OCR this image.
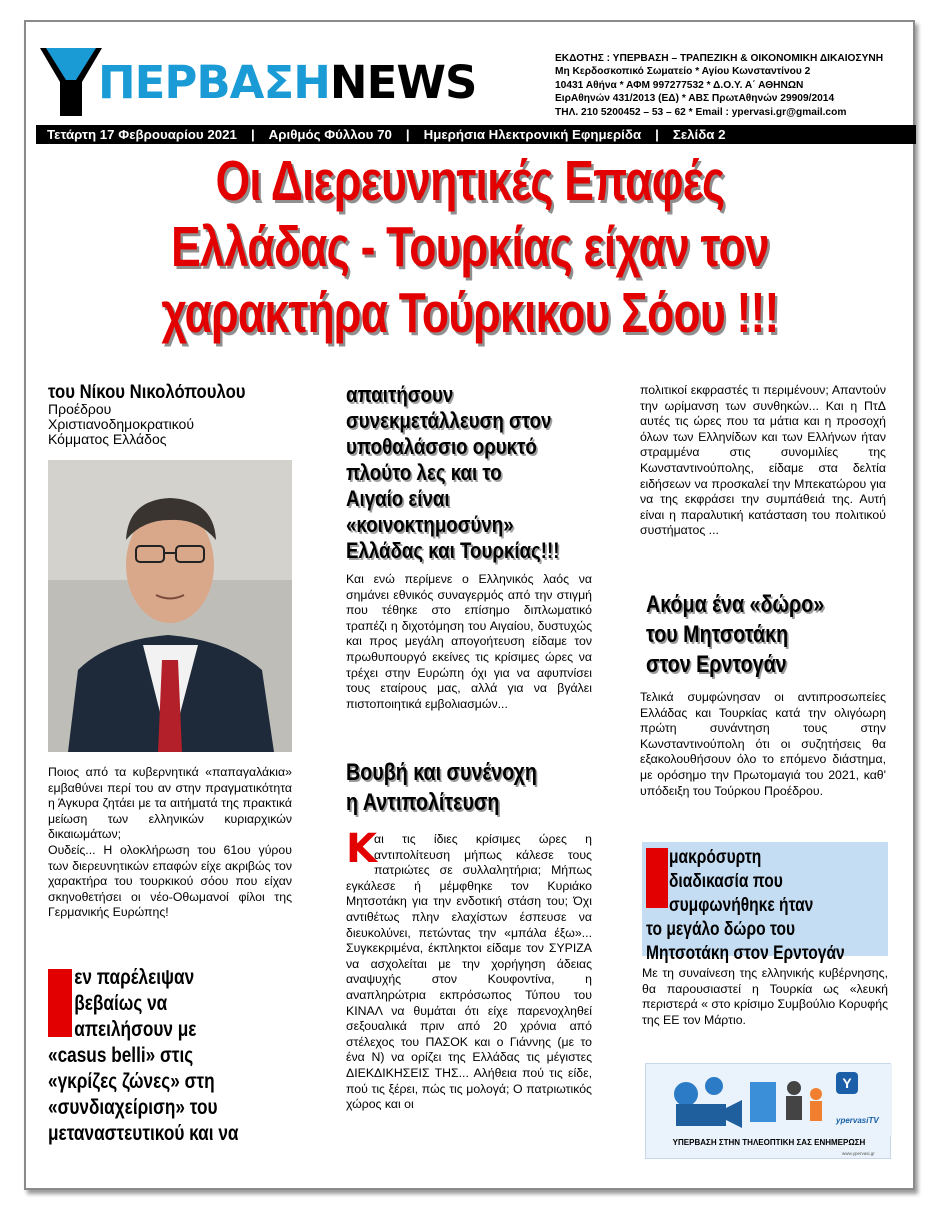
ΠΕΡΒΑΣΗNEWS	ΕΚΔΟΤΗΣ : ΥΠΕΡΒΑΣΗ – ΤΡΑΠΕΖΙΚΗ & ΟΙΚΟΝΟΜΙΚΗ ΔΙΚΑΙΟΣΥΝΗ
Μη Κερδοσκοπικό Σωματείο * Αγίου Κωνσταντίνου 2
10431 Αθήνα * ΑΦΜ 997277532 * Δ.Ο.Υ. Α΄ ΑΘΗΝΩΝ
ΕιρΑθηνών 431/2013 (ΕΔ) * ΑΒΣ ΠρωτΑθηνών 29909/2014
ΤΗΛ. 210 5200452 – 53 – 62 * Email : ypervasi.gr@gmail.com
Τετάρτη 17 Φεβρουαρίου 2021 | Αριθμός Φύλλου 70 | Ημερήσια Ηλεκτρονική Εφημερίδα | Σελίδα 2
Οι Διερευνητικές Επαφές
Ελλάδας - Τουρκίας είχαν τον
χαρακτήρα Τούρκικου Σόου !!!
του Νίκου Νικολόπουλου
Προέδρου
Χριστιανοδημοκρατικού
Κόμματος Ελλάδος

Ποιος από τα κυβερνητικά «παπαγαλάκια» εμβαθύνει περί του αν στην πραγματικότητα η Άγκυρα ζητάει με τα αιτήματά της πρακτικά μείωση των ελληνικών κυριαρχικών δικαιωμάτων;

Ουδείς... Η ολοκλήρωση του 61ου γύρου των διερευνητικών επαφών είχε ακριβώς τον χαρακτήρα του τουρκικού σόου που είχαν σκηνοθετήσει οι νέο-Οθωμανοί φίλοι της Γερμανικής Ευρώπης!

εν παρέλειψαν
βεβαίως να
απειλήσουν με
«casus belli» στις
«γκρίζες ζώνες» στη
«συνδιαχείριση» του
μεταναστευτικού και να
απαιτήσουν
συνεκμετάλλευση στον
υποθαλάσσιο ορυκτό
πλούτο λες και το
Αιγαίο είναι
«κοινοκτημοσύνη»
Ελλάδας και Τουρκίας!!!
Και ενώ περίμενε ο Ελληνικός λαός να σημάνει εθνικός συναγερμός από την στιγμή που τέθηκε στο επίσημο διπλωματικό τραπέζι η διχοτόμηση του Αιγαίου, δυστυχώς και προς μεγάλη απογοήτευση είδαμε τον πρωθυπουργό εκείνες τις κρίσιμες ώρες να τρέχει στην Ευρώπη όχι για να αφυπνίσει τους εταίρους μας, αλλά για να βγάλει πιστοποιητικά εμβολιασμών...
Βουβή και συνένοχη
η Αντιπολίτευση
Κ
αι τις ίδιες κρίσιμες ώρες η αντιπολίτευση μήπως κάλεσε τους πατριώτες σε συλλαλητήρια; Μήπως εγκάλεσε ή μέμφθηκε τον Κυριάκο Μητσοτάκη για την ενδοτική στάση του; Όχι αντιθέτως πλην ελαχίστων έσπευσε να διευκολύνει, πετώντας την «μπάλα έξω»... Συγκεκριμένα, έκπληκτοι είδαμε τον ΣΥΡΙΖΑ να ασχολείται με την χορήγηση άδειας αναψυχής στον Κουφοντίνα, η αναπληρώτρια εκπρόσωπος Τύπου του ΚΙΝΑΛ να θυμάται ότι είχε παρενοχληθεί σεξουαλικά πριν από 20 χρόνια από στέλεχος του ΠΑΣΟΚ και ο Γιάννης (με το ένα Ν) να ορίζει της Ελλάδας τις μέγιστες ΔΙΕΚΔΙΚΗΣΕΙΣ ΤΗΣ... Αλήθεια πού τις είδε, πού τις ξέρει, πώς τις μολογά; Ο πατριωτικός χώρος και οι
πολιτικοί εκφραστές τι περιμένουν; Απαντούν την ωρίμανση των συνθηκών... Και η ΠτΔ αυτές τις ώρες που τα μάτια και η προσοχή όλων των Ελληνίδων και των Ελλήνων ήταν στραμμένα στις συνομιλίες της Κωνσταντινούπολης, είδαμε στα δελτία ειδήσεων να προσκαλεί την Μπεκατώρου για να της εκφράσει την συμπάθειά της. Αυτή είναι η παραλυτική κατάσταση του πολιτικού συστήματος ...
Ακόμα ένα «δώρο»
του Μητσοτάκη
στον Ερντογάν
Τελικά συμφώνησαν οι αντιπροσωπείες Ελλάδας και Τουρκίας κατά την ολιγόωρη πρώτη συνάντηση τους στην Κωνσταντινούπολη ότι οι συζητήσεις θα εξακολουθήσουν όλο το επόμενο διάστημα, με ορόσημο την Πρωτομαγιά του 2021, καθ' υπόδειξη του Τούρκου Προέδρου.
μακρόσυρτη
διαδικασία που
συμφωνήθηκε ήταν
το μεγάλο δώρο του
Μητσοτάκη στον Ερντογάν
Με τη συναίνεση της ελληνικής κυβέρνησης, θα παρουσιαστεί η Τουρκία ως «λευκή περιστερά « στο κρίσιμο Συμβούλιο Κορυφής της ΕΕ τον Μάρτιο.
Y
ypervasiTV
ΥΠΕΡΒΑΣΗ ΣΤΗΝ ΤΗΛΕΟΠΤΙΚΗ ΣΑΣ ΕΝΗΜΕΡΩΣΗ
www.ypervasi.gr
